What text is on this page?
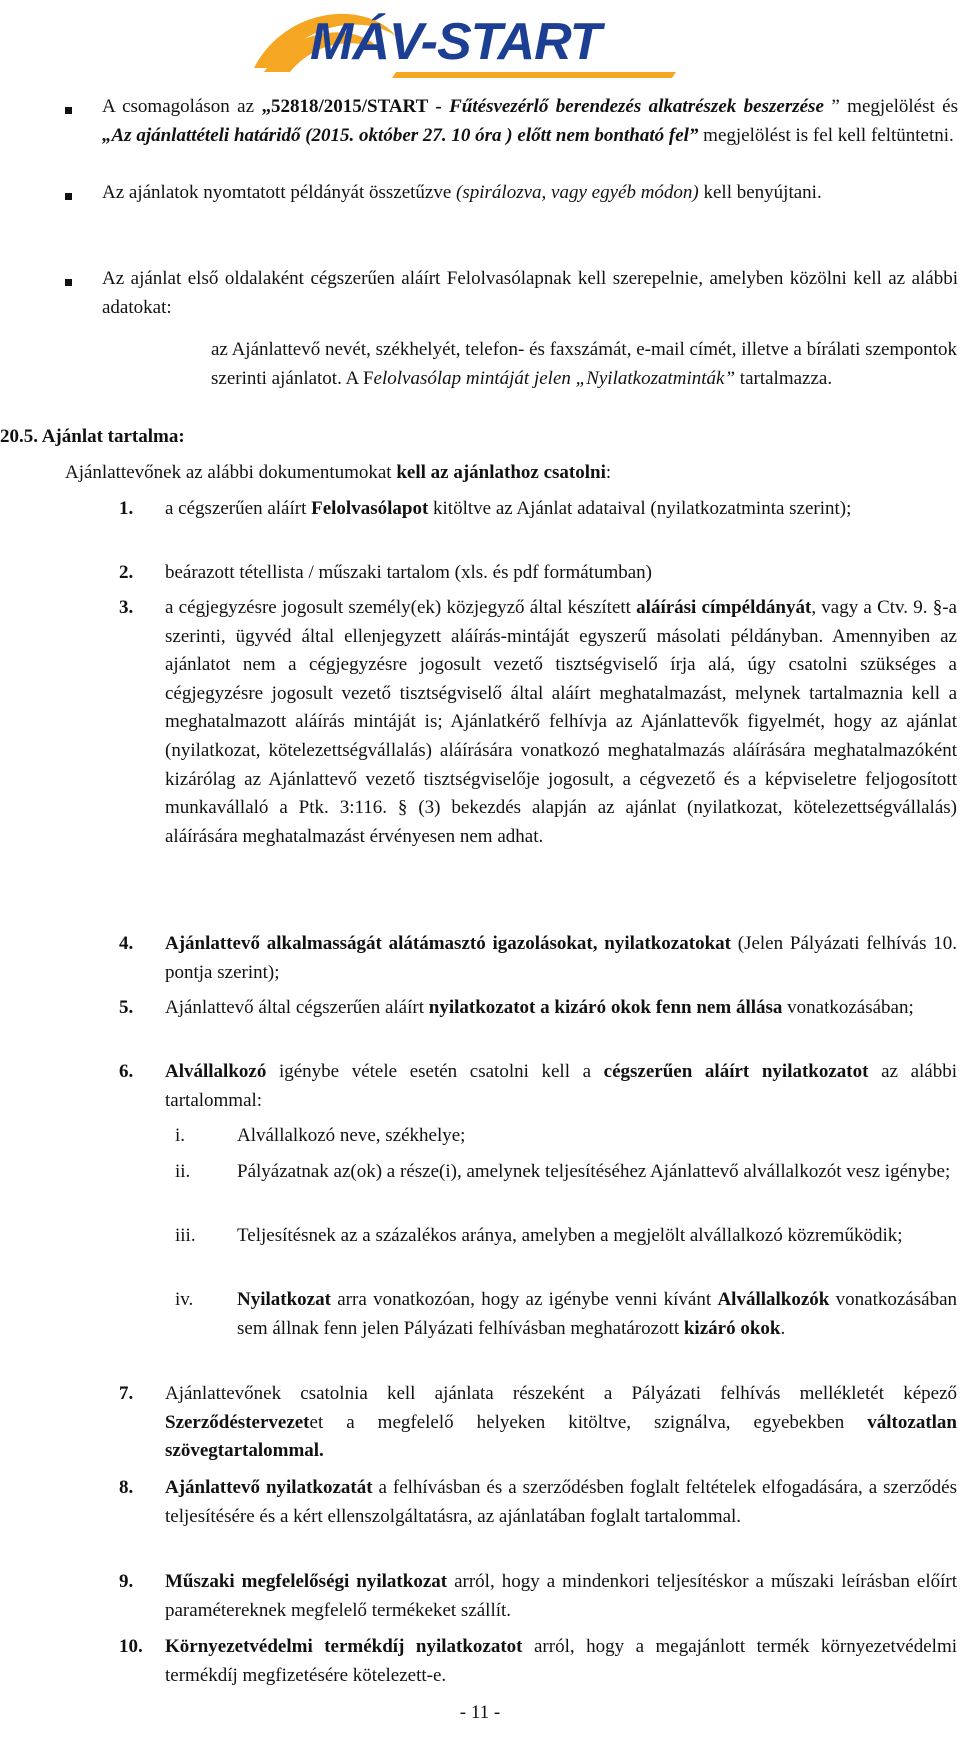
MÁV-START
A csomagoláson az „52818/2015/START - Fűtésvezérlő berendezés alkatrészek beszerzése ” megjelölést és „Az ajánlattételi határidő (2015. október 27. 10 óra ) előtt nem bontható fel” megjelölést is fel kell feltüntetni.
Az ajánlatok nyomtatott példányát összetűzve (spirálozva, vagy egyéb módon) kell benyújtani.
Az ajánlat első oldalaként cégszerűen aláírt Felolvasólapnak kell szerepelnie, amelyben közölni kell az alábbi adatokat:
az Ajánlattevő nevét, székhelyét, telefon- és faxszámát, e-mail címét, illetve a bírálati szempontok szerinti ajánlatot. A Felolvasólap mintáját jelen „Nyilatkozatminták” tartalmazza.
20.5. Ajánlat tartalma:
Ajánlattevőnek az alábbi dokumentumokat kell az ajánlathoz csatolni:
1.	a cégszerűen aláírt Felolvasólapot kitöltve az Ajánlat adataival (nyilatkozatminta szerint);
2.	beárazott tétellista / műszaki tartalom (xls. és pdf formátumban)
3.	a cégjegyzésre jogosult személy(ek) közjegyző által készített aláírási címpéldányát, vagy a Ctv. 9. §-a szerinti, ügyvéd által ellenjegyzett aláírás-mintáját egyszerű másolati példányban. Amennyiben az ajánlatot nem a cégjegyzésre jogosult vezető tisztségviselő írja alá, úgy csatolni szükséges a cégjegyzésre jogosult vezető tisztségviselő által aláírt meghatalmazást, melynek tartalmaznia kell a meghatalmazott aláírás mintáját is; Ajánlatkérő felhívja az Ajánlattevők figyelmét, hogy az ajánlat (nyilatkozat, kötelezettségvállalás) aláírására vonatkozó meghatalmazás aláírására meghatalmazóként kizárólag az Ajánlattevő vezető tisztségviselője jogosult, a cégvezető és a képviseletre feljogosított munkavállaló a Ptk. 3:116. § (3) bekezdés alapján az ajánlat (nyilatkozat, kötelezettségvállalás) aláírására meghatalmazást érvényesen nem adhat.
4.	Ajánlattevő alkalmasságát alátámasztó igazolásokat, nyilatkozatokat (Jelen Pályázati felhívás 10. pontja szerint);
5.	Ajánlattevő által cégszerűen aláírt nyilatkozatot a kizáró okok fenn nem állása vonatkozásában;
6.	Alvállalkozó igénybe vétele esetén csatolni kell a cégszerűen aláírt nyilatkozatot az alábbi tartalommal:
i.	Alvállalkozó neve, székhelye;
ii.	Pályázatnak az(ok) a része(i), amelynek teljesítéséhez Ajánlattevő alvállalkozót vesz igénybe;
iii.	Teljesítésnek az a százalékos aránya, amelyben a megjelölt alvállalkozó közreműködik;
iv.	Nyilatkozat arra vonatkozóan, hogy az igénybe venni kívánt Alvállalkozók vonatkozásában sem állnak fenn jelen Pályázati felhívásban meghatározott kizáró okok.
7.	Ajánlattevőnek csatolnia kell ajánlata részeként a Pályázati felhívás mellékletét képező Szerződéstervezetet a megfelelő helyeken kitöltve, szignálva, egyebekben változatlan szövegtartalommal.
8.	Ajánlattevő nyilatkozatát a felhívásban és a szerződésben foglalt feltételek elfogadására, a szerződés teljesítésére és a kért ellenszolgáltatásra, az ajánlatában foglalt tartalommal.
9.	Műszaki megfelelőségi nyilatkozat arról, hogy a mindenkori teljesítéskor a műszaki leírásban előírt paramétereknek megfelelő termékeket szállít.
10.	Környezetvédelmi termékdíj nyilatkozatot arról, hogy a megajánlott termék környezetvédelmi termékdíj megfizetésére kötelezett-e.
- 11 -
